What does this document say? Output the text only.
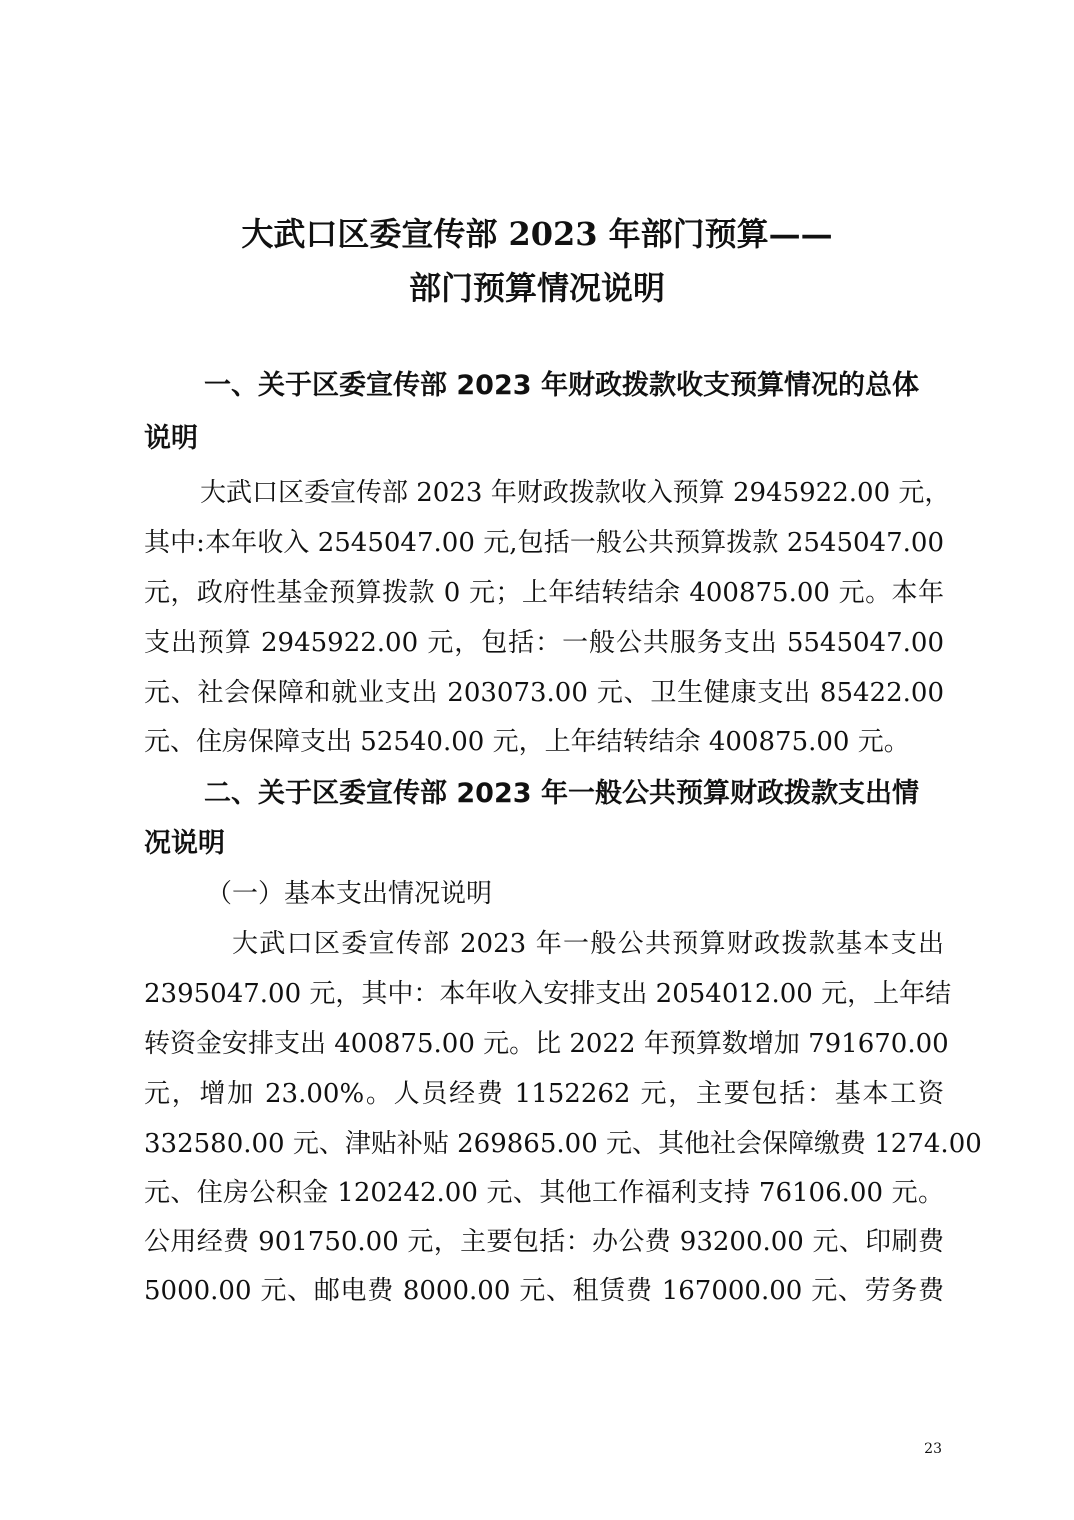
大武口区委宣传部 2023 年部门预算——
部门预算情况说明
一、关于区委宣传部 2023 年财政拨款收支预算情况的总体
说明
大武口区委宣传部 2023 年财政拨款收入预算 2945922.00 元，
其中:本年收入 2545047.00 元,包括一般公共预算拨款 2545047.00
元，政府性基金预算拨款 0 元；上年结转结余 400875.00 元。本年
支出预算 2945922.00 元，包括：一般公共服务支出 5545047.00
元、社会保障和就业支出 203073.00 元、卫生健康支出 85422.00
元、住房保障支出 52540.00 元，上年结转结余 400875.00 元。
二、关于区委宣传部 2023 年一般公共预算财政拨款支出情
况说明
（一）基本支出情况说明
大武口区委宣传部 2023 年一般公共预算财政拨款基本支出
2395047.00 元，其中：本年收入安排支出 2054012.00 元，上年结
转资金安排支出 400875.00 元。比 2022 年预算数增加 791670.00
元，增加 23.00%。人员经费 1152262 元，主要包括：基本工资
332580.00 元、津贴补贴 269865.00 元、其他社会保障缴费 1274.00
元、住房公积金 120242.00 元、其他工作福利支持 76106.00 元。
公用经费 901750.00 元，主要包括：办公费 93200.00 元、印刷费
5000.00 元、邮电费 8000.00 元、租赁费 167000.00 元、劳务费
23
